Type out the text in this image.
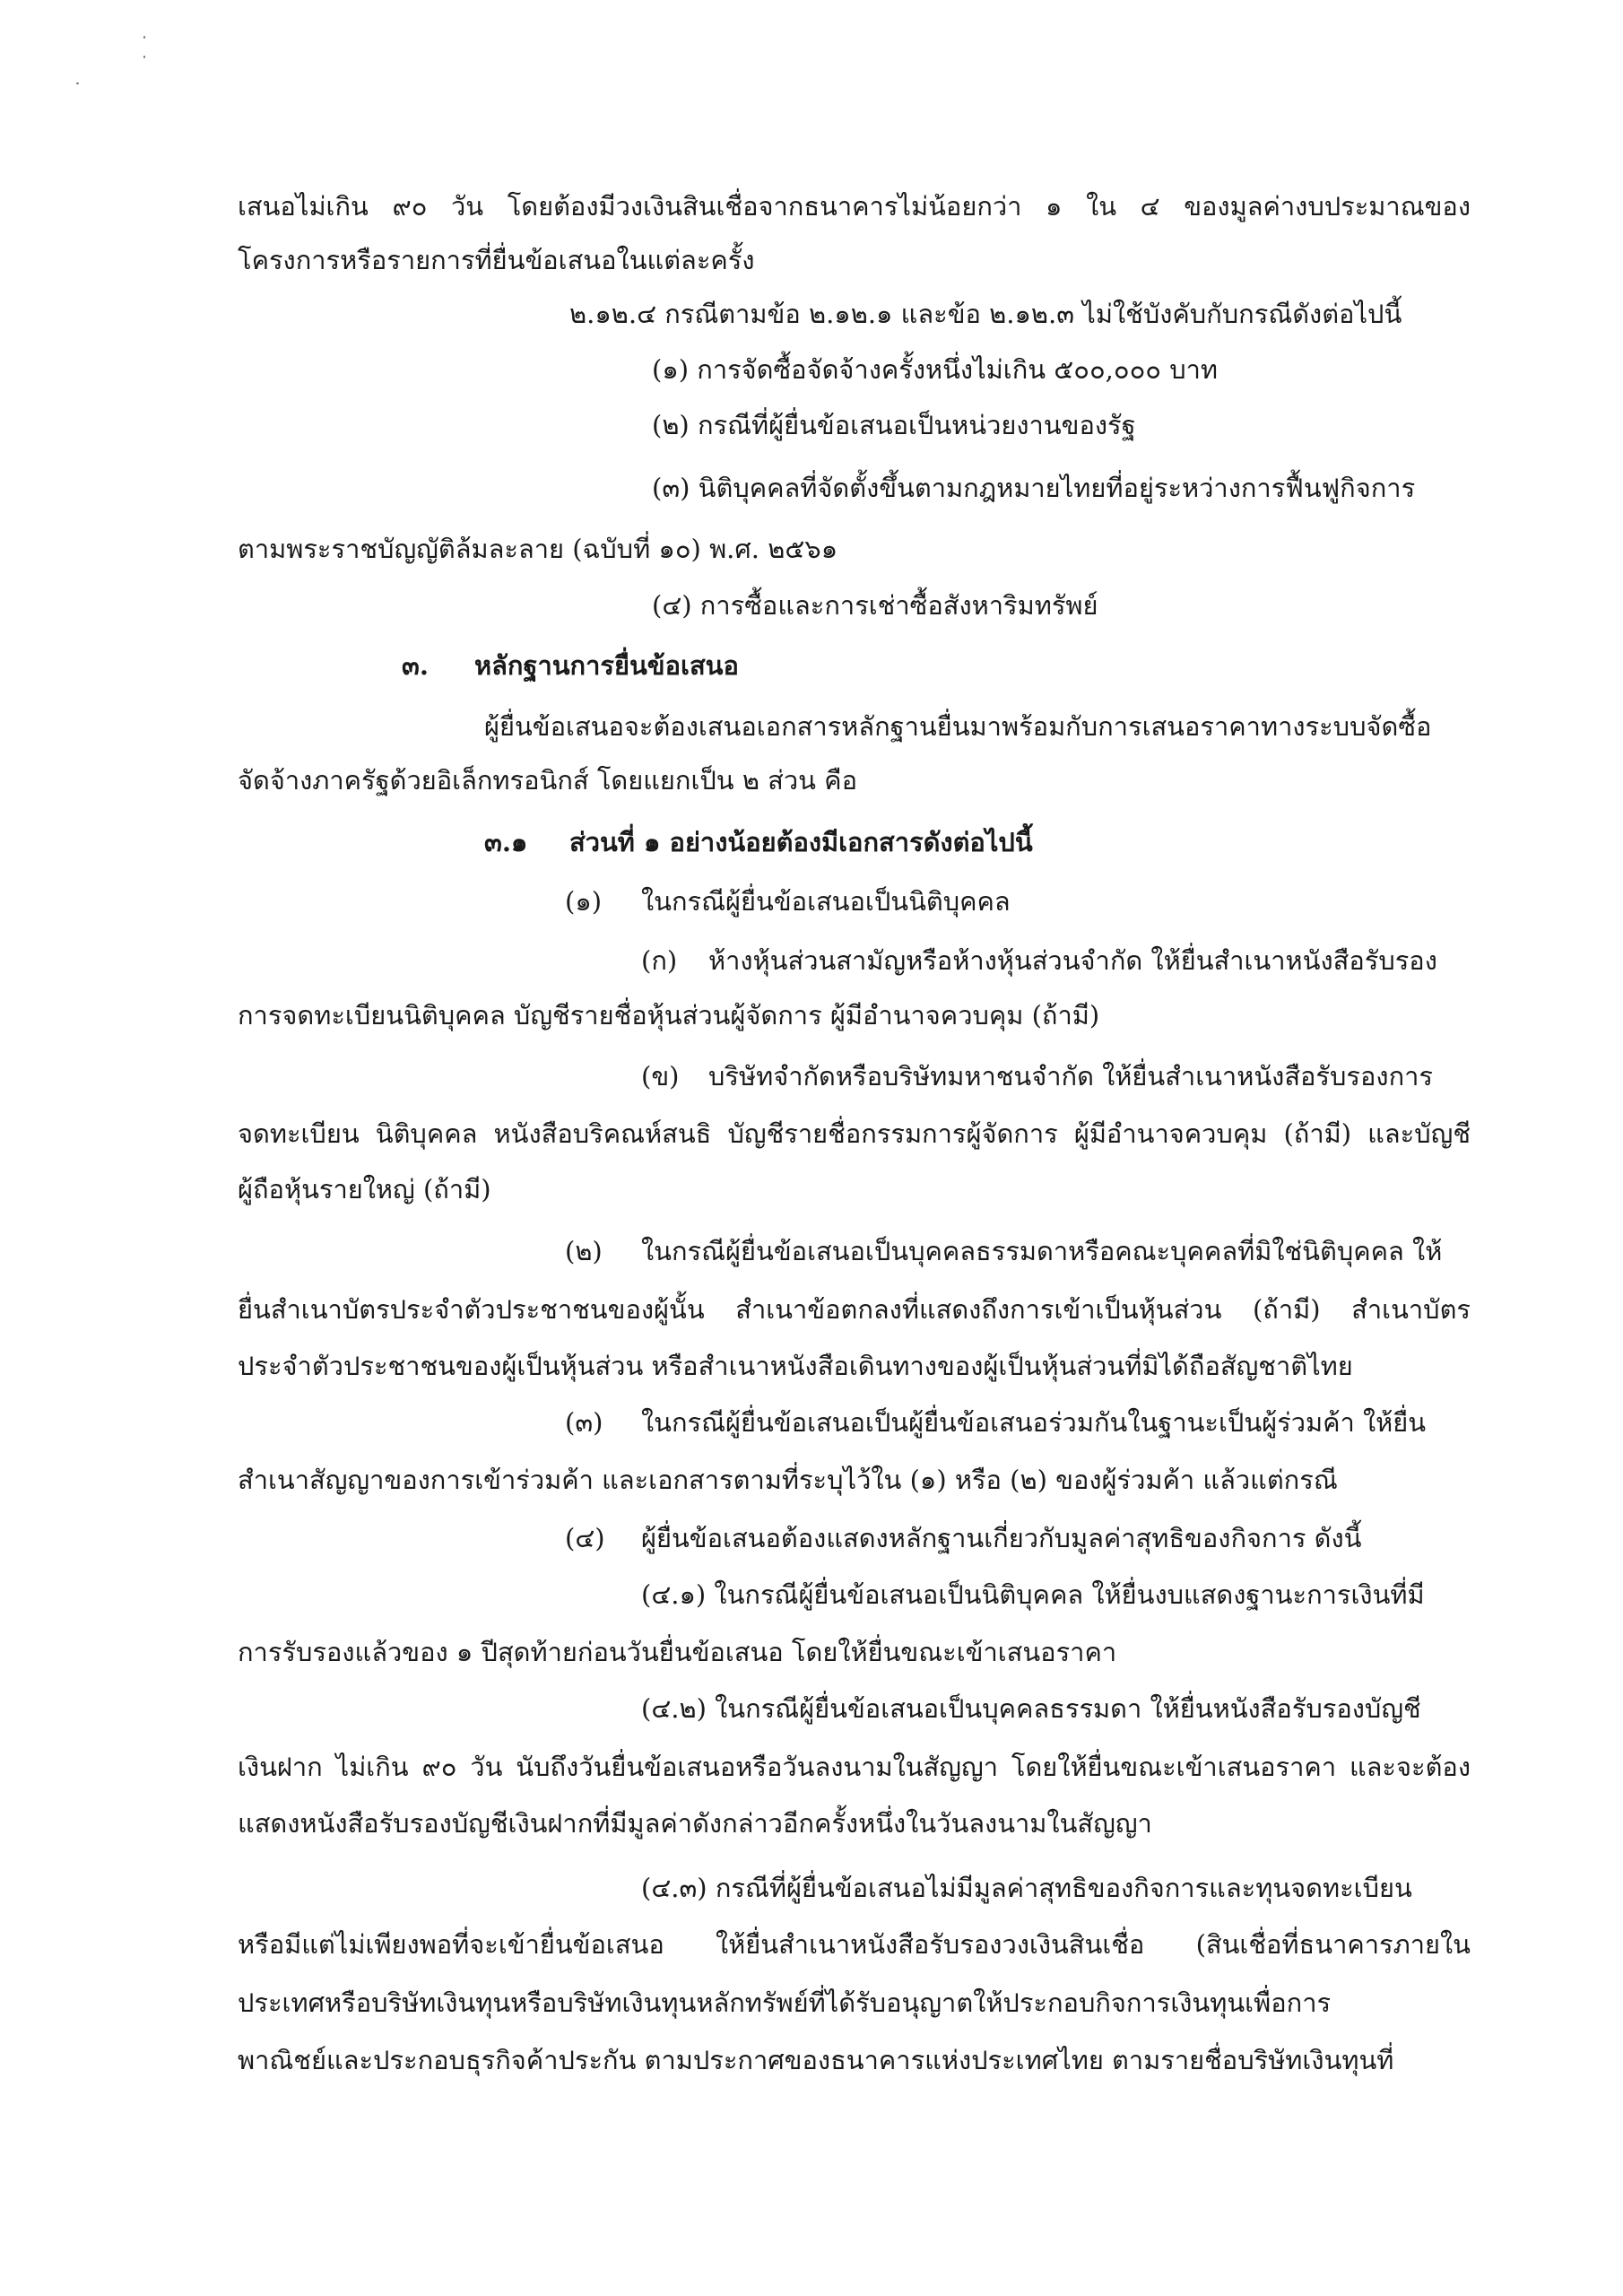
เสนอไม่เกิน ๙๐ วัน โดยต้องมีวงเงินสินเชื่อจากธนาคารไม่น้อยกว่า ๑ ใน ๔ ของมูลค่างบประมาณของ
โครงการหรือรายการที่ยื่นข้อเสนอในแต่ละครั้ง
๒.๑๒.๔ กรณีตามข้อ ๒.๑๒.๑ และข้อ ๒.๑๒.๓ ไม่ใช้บังคับกับกรณีดังต่อไปนี้
(๑) การจัดซื้อจัดจ้างครั้งหนึ่งไม่เกิน ๕๐๐,๐๐๐ บาท
(๒) กรณีที่ผู้ยื่นข้อเสนอเป็นหน่วยงานของรัฐ
(๓) นิติบุคคลที่จัดตั้งขึ้นตามกฎหมายไทยที่อยู่ระหว่างการฟื้นฟูกิจการ
ตามพระราชบัญญัติล้มละลาย (ฉบับที่ ๑๐) พ.ศ. ๒๕๖๑
(๔) การซื้อและการเช่าซื้อสังหาริมทรัพย์
๓. หลักฐานการยื่นข้อเสนอ
ผู้ยื่นข้อเสนอจะต้องเสนอเอกสารหลักฐานยื่นมาพร้อมกับการเสนอราคาทางระบบจัดซื้อ
จัดจ้างภาครัฐด้วยอิเล็กทรอนิกส์ โดยแยกเป็น ๒ ส่วน คือ
๓.๑ ส่วนที่ ๑ อย่างน้อยต้องมีเอกสารดังต่อไปนี้
(๑) ในกรณีผู้ยื่นข้อเสนอเป็นนิติบุคคล
(ก) ห้างหุ้นส่วนสามัญหรือห้างหุ้นส่วนจำกัด ให้ยื่นสำเนาหนังสือรับรอง
การจดทะเบียนนิติบุคคล บัญชีรายชื่อหุ้นส่วนผู้จัดการ ผู้มีอำนาจควบคุม (ถ้ามี)
(ข) บริษัทจำกัดหรือบริษัทมหาชนจำกัด ให้ยื่นสำเนาหนังสือรับรองการ
จดทะเบียน นิติบุคคล หนังสือบริคณห์สนธิ บัญชีรายชื่อกรรมการผู้จัดการ ผู้มีอำนาจควบคุม (ถ้ามี) และบัญชี
ผู้ถือหุ้นรายใหญ่ (ถ้ามี)
(๒) ในกรณีผู้ยื่นข้อเสนอเป็นบุคคลธรรมดาหรือคณะบุคคลที่มิใช่นิติบุคคล ให้
ยื่นสำเนาบัตรประจำตัวประชาชนของผู้นั้น สำเนาข้อตกลงที่แสดงถึงการเข้าเป็นหุ้นส่วน (ถ้ามี) สำเนาบัตร
ประจำตัวประชาชนของผู้เป็นหุ้นส่วน หรือสำเนาหนังสือเดินทางของผู้เป็นหุ้นส่วนที่มิได้ถือสัญชาติไทย
(๓) ในกรณีผู้ยื่นข้อเสนอเป็นผู้ยื่นข้อเสนอร่วมกันในฐานะเป็นผู้ร่วมค้า ให้ยื่น
สำเนาสัญญาของการเข้าร่วมค้า และเอกสารตามที่ระบุไว้ใน (๑) หรือ (๒) ของผู้ร่วมค้า แล้วแต่กรณี
(๔) ผู้ยื่นข้อเสนอต้องแสดงหลักฐานเกี่ยวกับมูลค่าสุทธิของกิจการ ดังนี้
(๔.๑) ในกรณีผู้ยื่นข้อเสนอเป็นนิติบุคคล ให้ยื่นงบแสดงฐานะการเงินที่มี
การรับรองแล้วของ ๑ ปีสุดท้ายก่อนวันยื่นข้อเสนอ โดยให้ยื่นขณะเข้าเสนอราคา
(๔.๒) ในกรณีผู้ยื่นข้อเสนอเป็นบุคคลธรรมดา ให้ยื่นหนังสือรับรองบัญชี
เงินฝาก ไม่เกิน ๙๐ วัน นับถึงวันยื่นข้อเสนอหรือวันลงนามในสัญญา โดยให้ยื่นขณะเข้าเสนอราคา และจะต้อง
แสดงหนังสือรับรองบัญชีเงินฝากที่มีมูลค่าดังกล่าวอีกครั้งหนึ่งในวันลงนามในสัญญา
(๔.๓) กรณีที่ผู้ยื่นข้อเสนอไม่มีมูลค่าสุทธิของกิจการและทุนจดทะเบียน
หรือมีแต่ไม่เพียงพอที่จะเข้ายื่นข้อเสนอ ให้ยื่นสำเนาหนังสือรับรองวงเงินสินเชื่อ (สินเชื่อที่ธนาคารภายใน
ประเทศหรือบริษัทเงินทุนหรือบริษัทเงินทุนหลักทรัพย์ที่ได้รับอนุญาตให้ประกอบกิจการเงินทุนเพื่อการ
พาณิชย์และประกอบธุรกิจค้าประกัน ตามประกาศของธนาคารแห่งประเทศไทย ตามรายชื่อบริษัทเงินทุนที่
